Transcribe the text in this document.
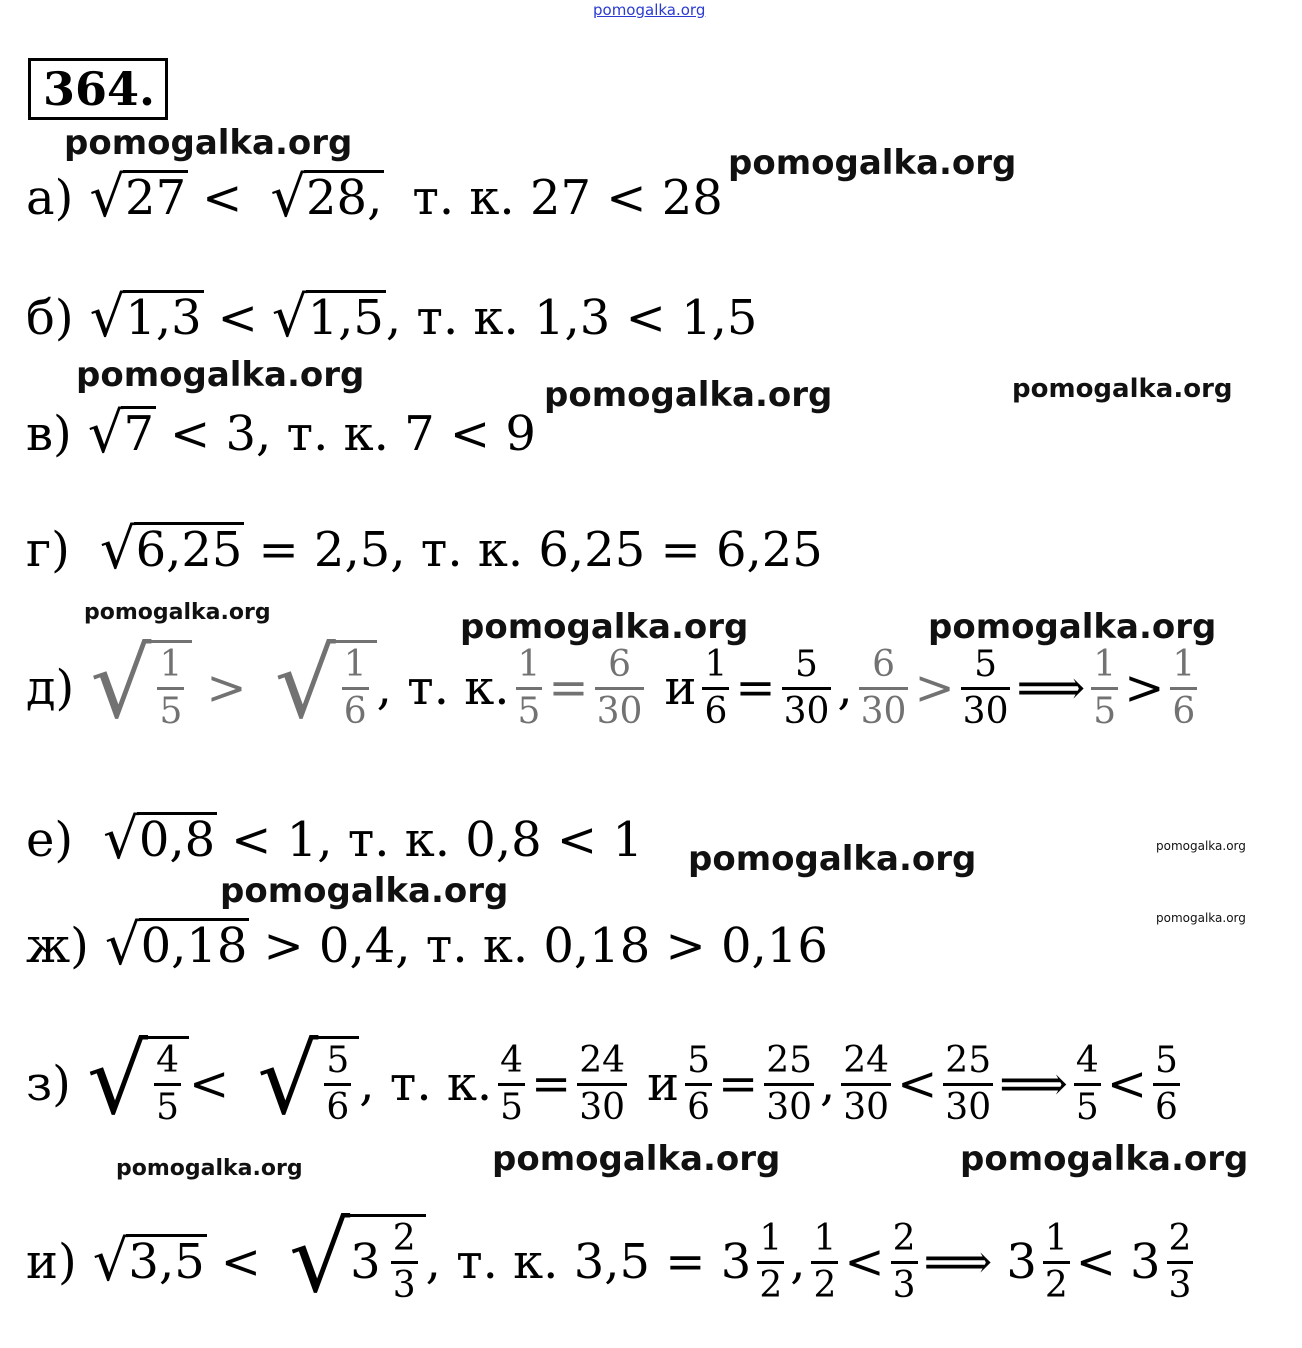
pomogalka.org
pomogalka.org	pomogalka.org
pomogalka.org	pomogalka.org	pomogalka.org
pomogalka.org	pomogalka.org	pomogalka.org
pomogalka.org	pomogalka.org
pomogalka.org
pomogalka.org
pomogalka.org	pomogalka.org	pomogalka.org
364.
а) √ 27 < √ 28, т. к. 27 < 28
б) √ 1,3 < √ 1,5 , т. к. 1,3 < 1,5
в) √ 7 < 3, т. к. 7 < 9
г) √ 6,25 = 2,5, т. к. 6,25 = 6,25
д) √ $\frac{1}{5}$ > √ $\frac{1}{6}$ , т. к. $\frac{1}{5} = \frac{6}{30}$ и $\frac{1}{6} = \frac{5}{30}$ , $\frac{6}{30} > \frac{5}{30}$ ⟹ $\frac{1}{5} > \frac{1}{6}$
е) √ 0,8 < 1, т. к. 0,8 < 1
ж) √ 0,18 > 0,4, т. к. 0,18 > 0,16
з) √ $\frac{4}{5}$ < √ $\frac{5}{6}$ , т. к. $\frac{4}{5} = \frac{24}{30}$ и $\frac{5}{6} = \frac{25}{30}$ , $\frac{24}{30} < \frac{25}{30}$ ⟹ $\frac{4}{5} < \frac{5}{6}$
и) √ 3,5 < √ $3 \frac{2}{3}$ , т. к. $3,5 = 3 \frac{1}{2}$ , $\frac{1}{2} < \frac{2}{3}$ ⟹ $3 \frac{1}{2} < 3 \frac{2}{3}$
